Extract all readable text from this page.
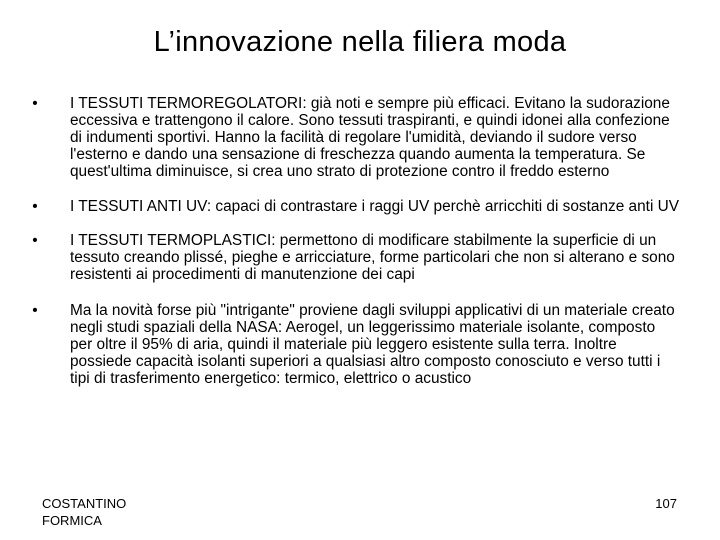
L’innovazione nella filiera moda
• I TESSUTI TERMOREGOLATORI: già noti e sempre più efficaci. Evitano la sudorazione eccessiva e trattengono il calore. Sono tessuti traspiranti, e quindi idonei alla confezione di indumenti sportivi. Hanno la facilità di regolare l'umidità, deviando il sudore verso l'esterno e dando una sensazione di freschezza quando aumenta la temperatura. Se quest'ultima diminuisce, si crea uno strato di protezione contro il freddo esterno
• I TESSUTI ANTI UV: capaci di contrastare i raggi UV perchè arricchiti di sostanze anti UV
• I TESSUTI TERMOPLASTICI: permettono di modificare stabilmente la superficie di un tessuto creando plissé, pieghe e arricciature, forme particolari che non si alterano e sono resistenti ai procedimenti di manutenzione dei capi
• Ma la novità forse più "intrigante" proviene dagli sviluppi applicativi di un materiale creato negli studi spaziali della NASA: Aerogel, un leggerissimo materiale isolante, composto per oltre il 95% di aria, quindi il materiale più leggero esistente sulla terra. Inoltre possiede capacità isolanti superiori a qualsiasi altro composto conosciuto e verso tutti i tipi di trasferimento energetico: termico, elettrico o acustico
COSTANTINO FORMICA
107
